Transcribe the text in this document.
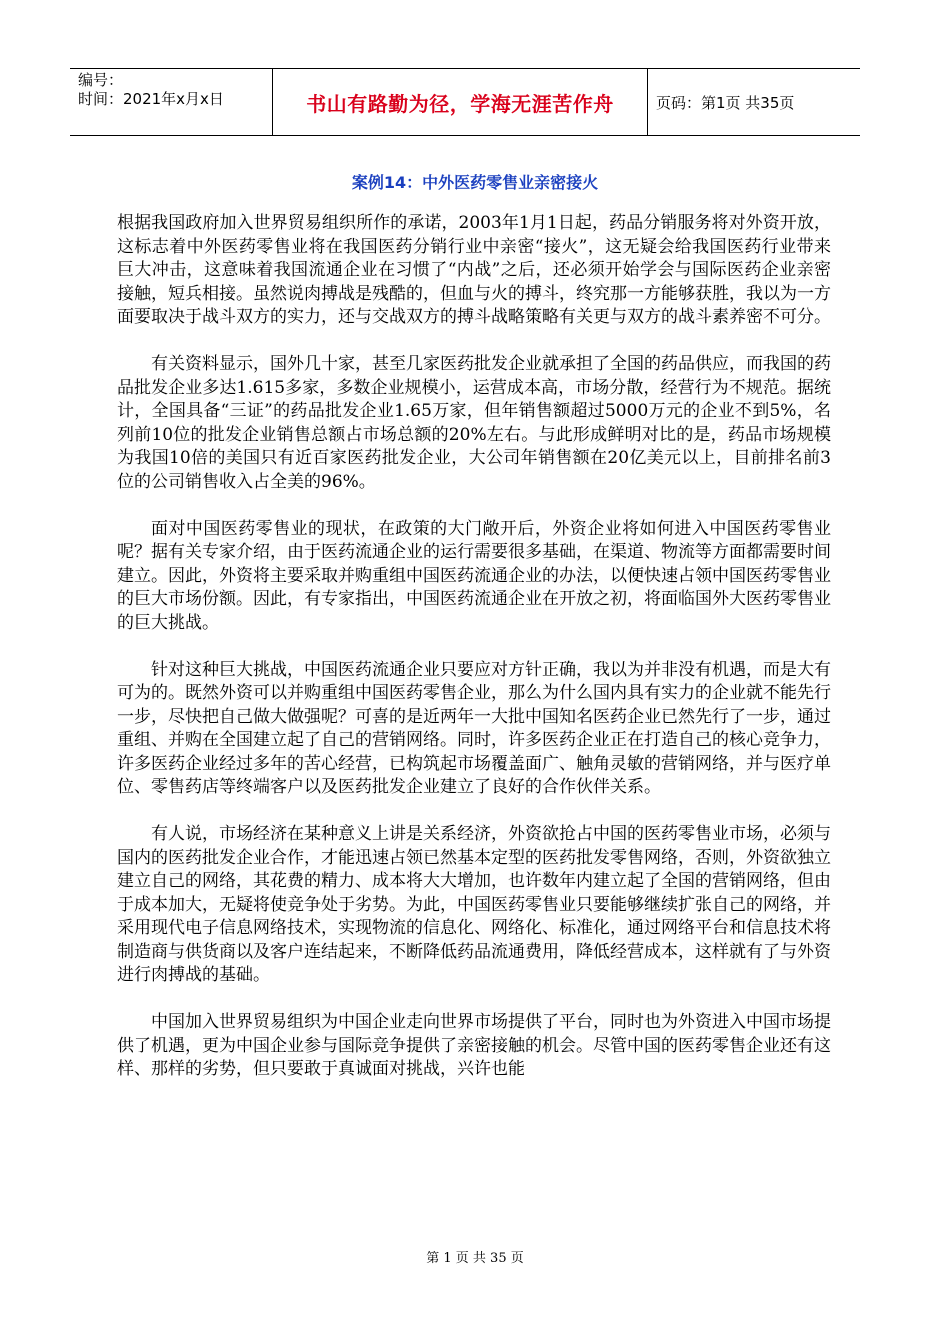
编号：
时间：2021年x月x日	书山有路勤为径，学海无涯苦作舟	页码：第1页 共35页
案例14：中外医药零售业亲密接火

根据我国政府加入世界贸易组织所作的承诺，2003年1月1日起，药品分销服务将对外资开放，这标志着中外医药零售业将在我国医药分销行业中亲密“接火”，这无疑会给我国医药行业带来巨大冲击，这意味着我国流通企业在习惯了“内战”之后，还必须开始学会与国际医药企业亲密接触，短兵相接。虽然说肉搏战是残酷的，但血与火的搏斗，终究那一方能够获胜，我以为一方面要取决于战斗双方的实力，还与交战双方的搏斗战略策略有关更与双方的战斗素养密不可分。

有关资料显示，国外几十家，甚至几家医药批发企业就承担了全国的药品供应，而我国的药品批发企业多达1.615多家，多数企业规模小，运营成本高，市场分散，经营行为不规范。据统计，全国具备“三证”的药品批发企业1.65万家，但年销售额超过5000万元的企业不到5%，名列前10位的批发企业销售总额占市场总额的20%左右。与此形成鲜明对比的是，药品市场规模为我国10倍的美国只有近百家医药批发企业，大公司年销售额在20亿美元以上，目前排名前3位的公司销售收入占全美的96%。

面对中国医药零售业的现状，在政策的大门敞开后，外资企业将如何进入中国医药零售业呢？据有关专家介绍，由于医药流通企业的运行需要很多基础，在渠道、物流等方面都需要时间建立。因此，外资将主要采取并购重组中国医药流通企业的办法，以便快速占领中国医药零售业的巨大市场份额。因此，有专家指出，中国医药流通企业在开放之初，将面临国外大医药零售业的巨大挑战。

针对这种巨大挑战，中国医药流通企业只要应对方针正确，我以为并非没有机遇，而是大有可为的。既然外资可以并购重组中国医药零售企业，那么为什么国内具有实力的企业就不能先行一步，尽快把自己做大做强呢？可喜的是近两年一大批中国知名医药企业已然先行了一步，通过重组、并购在全国建立起了自己的营销网络。同时，许多医药企业正在打造自己的核心竞争力，许多医药企业经过多年的苦心经营，已构筑起市场覆盖面广、触角灵敏的营销网络，并与医疗单位、零售药店等终端客户以及医药批发企业建立了良好的合作伙伴关系。

有人说，市场经济在某种意义上讲是关系经济，外资欲抢占中国的医药零售业市场，必须与国内的医药批发企业合作，才能迅速占领已然基本定型的医药批发零售网络，否则，外资欲独立建立自己的网络，其花费的精力、成本将大大增加，也许数年内建立起了全国的营销网络，但由于成本加大，无疑将使竞争处于劣势。为此，中国医药零售业只要能够继续扩张自己的网络，并采用现代电子信息网络技术，实现物流的信息化、网络化、标准化，通过网络平台和信息技术将制造商与供货商以及客户连结起来，不断降低药品流通费用，降低经营成本，这样就有了与外资进行肉搏战的基础。

中国加入世界贸易组织为中国企业走向世界市场提供了平台，同时也为外资进入中国市场提供了机遇，更为中国企业参与国际竞争提供了亲密接触的机会。尽管中国的医药零售企业还有这样、那样的劣势，但只要敢于真诚面对挑战，兴许也能

第 1 页 共 35 页
